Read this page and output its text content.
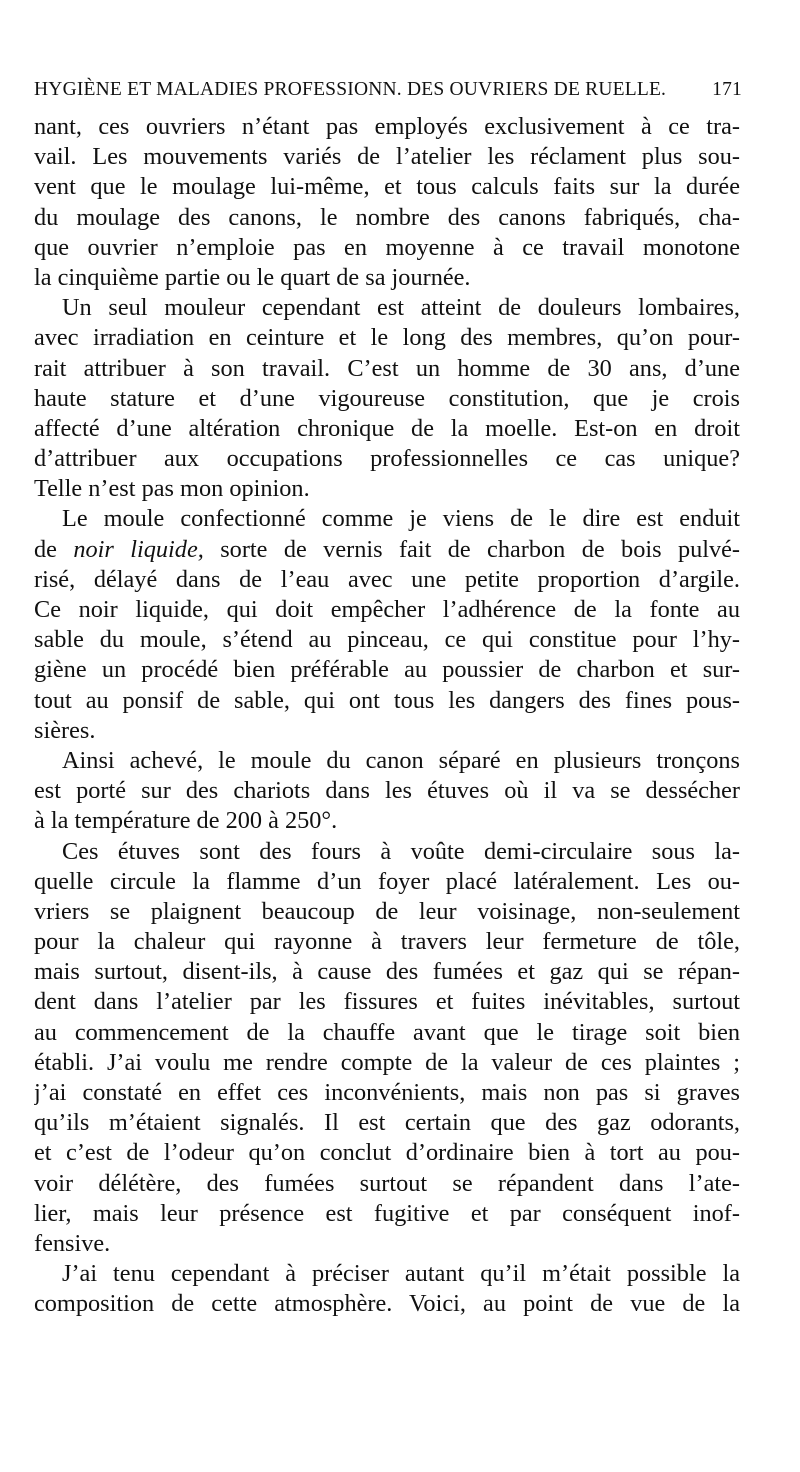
HYGIÈNE ET MALADIES PROFESSIONN. DES OUVRIERS DE RUELLE. 171
nant, ces ouvriers n’étant pas employés exclusivement à ce tra-
vail. Les mouvements variés de l’atelier les réclament plus sou-
vent que le moulage lui-même, et tous calculs faits sur la durée
du moulage des canons, le nombre des canons fabriqués, cha-
que ouvrier n’emploie pas en moyenne à ce travail monotone
la cinquième partie ou le quart de sa journée.
Un seul mouleur cependant est atteint de douleurs lombaires,
avec irradiation en ceinture et le long des membres, qu’on pour-
rait attribuer à son travail. C’est un homme de 30 ans, d’une
haute stature et d’une vigoureuse constitution, que je crois
affecté d’une altération chronique de la moelle. Est-on en droit
d’attribuer aux occupations professionnelles ce cas unique?
Telle n’est pas mon opinion.
Le moule confectionné comme je viens de le dire est enduit
de noir liquide, sorte de vernis fait de charbon de bois pulvé-
risé, délayé dans de l’eau avec une petite proportion d’argile.
Ce noir liquide, qui doit empêcher l’adhérence de la fonte au
sable du moule, s’étend au pinceau, ce qui constitue pour l’hy-
giène un procédé bien préférable au poussier de charbon et sur-
tout au ponsif de sable, qui ont tous les dangers des fines pous-
sières.
Ainsi achevé, le moule du canon séparé en plusieurs tronçons
est porté sur des chariots dans les étuves où il va se dessécher
à la température de 200 à 250°.
Ces étuves sont des fours à voûte demi-circulaire sous la-
quelle circule la flamme d’un foyer placé latéralement. Les ou-
vriers se plaignent beaucoup de leur voisinage, non-seulement
pour la chaleur qui rayonne à travers leur fermeture de tôle,
mais surtout, disent-ils, à cause des fumées et gaz qui se répan-
dent dans l’atelier par les fissures et fuites inévitables, surtout
au commencement de la chauffe avant que le tirage soit bien
établi. J’ai voulu me rendre compte de la valeur de ces plaintes ;
j’ai constaté en effet ces inconvénients, mais non pas si graves
qu’ils m’étaient signalés. Il est certain que des gaz odorants,
et c’est de l’odeur qu’on conclut d’ordinaire bien à tort au pou-
voir délétère, des fumées surtout se répandent dans l’ate-
lier, mais leur présence est fugitive et par conséquent inof-
fensive.
J’ai tenu cependant à préciser autant qu’il m’était possible la
composition de cette atmosphère. Voici, au point de vue de la
